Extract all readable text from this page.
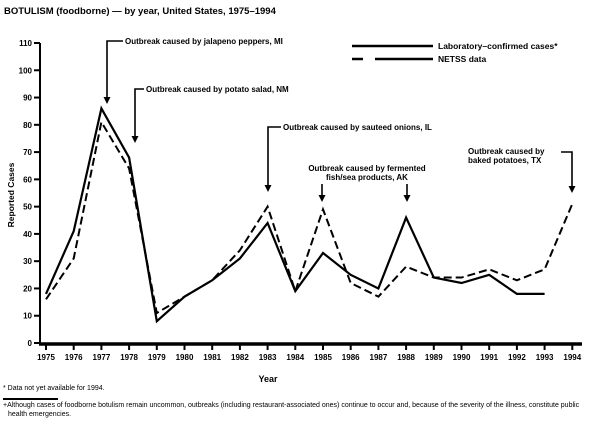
BOTULISM (foodborne) — by year, United States, 1975–1994
0
10
20
30
40
50
60
70
80
90
100
110
1975 1976 1977 1978 1979 1980 1981 1982 1983 1984 1985 1986 1987 1988 1989 1990 1991 1992 1993 1994
Reported Cases
Year
Laboratory–confirmed cases*
NETSS data
Outbreak caused by jalapeno peppers, MI
Outbreak caused by potato salad, NM
Outbreak caused by sauteed onions, IL
Outbreak caused by fermented
fish/sea products, AK
Outbreak caused by
baked potatoes, TX
* Data not yet available for 1994.
+Although cases of foodborne botulism remain uncommon, outbreaks (including restaurant-associated ones) continue to occur and, because of the severity of the illness, constitute public health emergencies.
